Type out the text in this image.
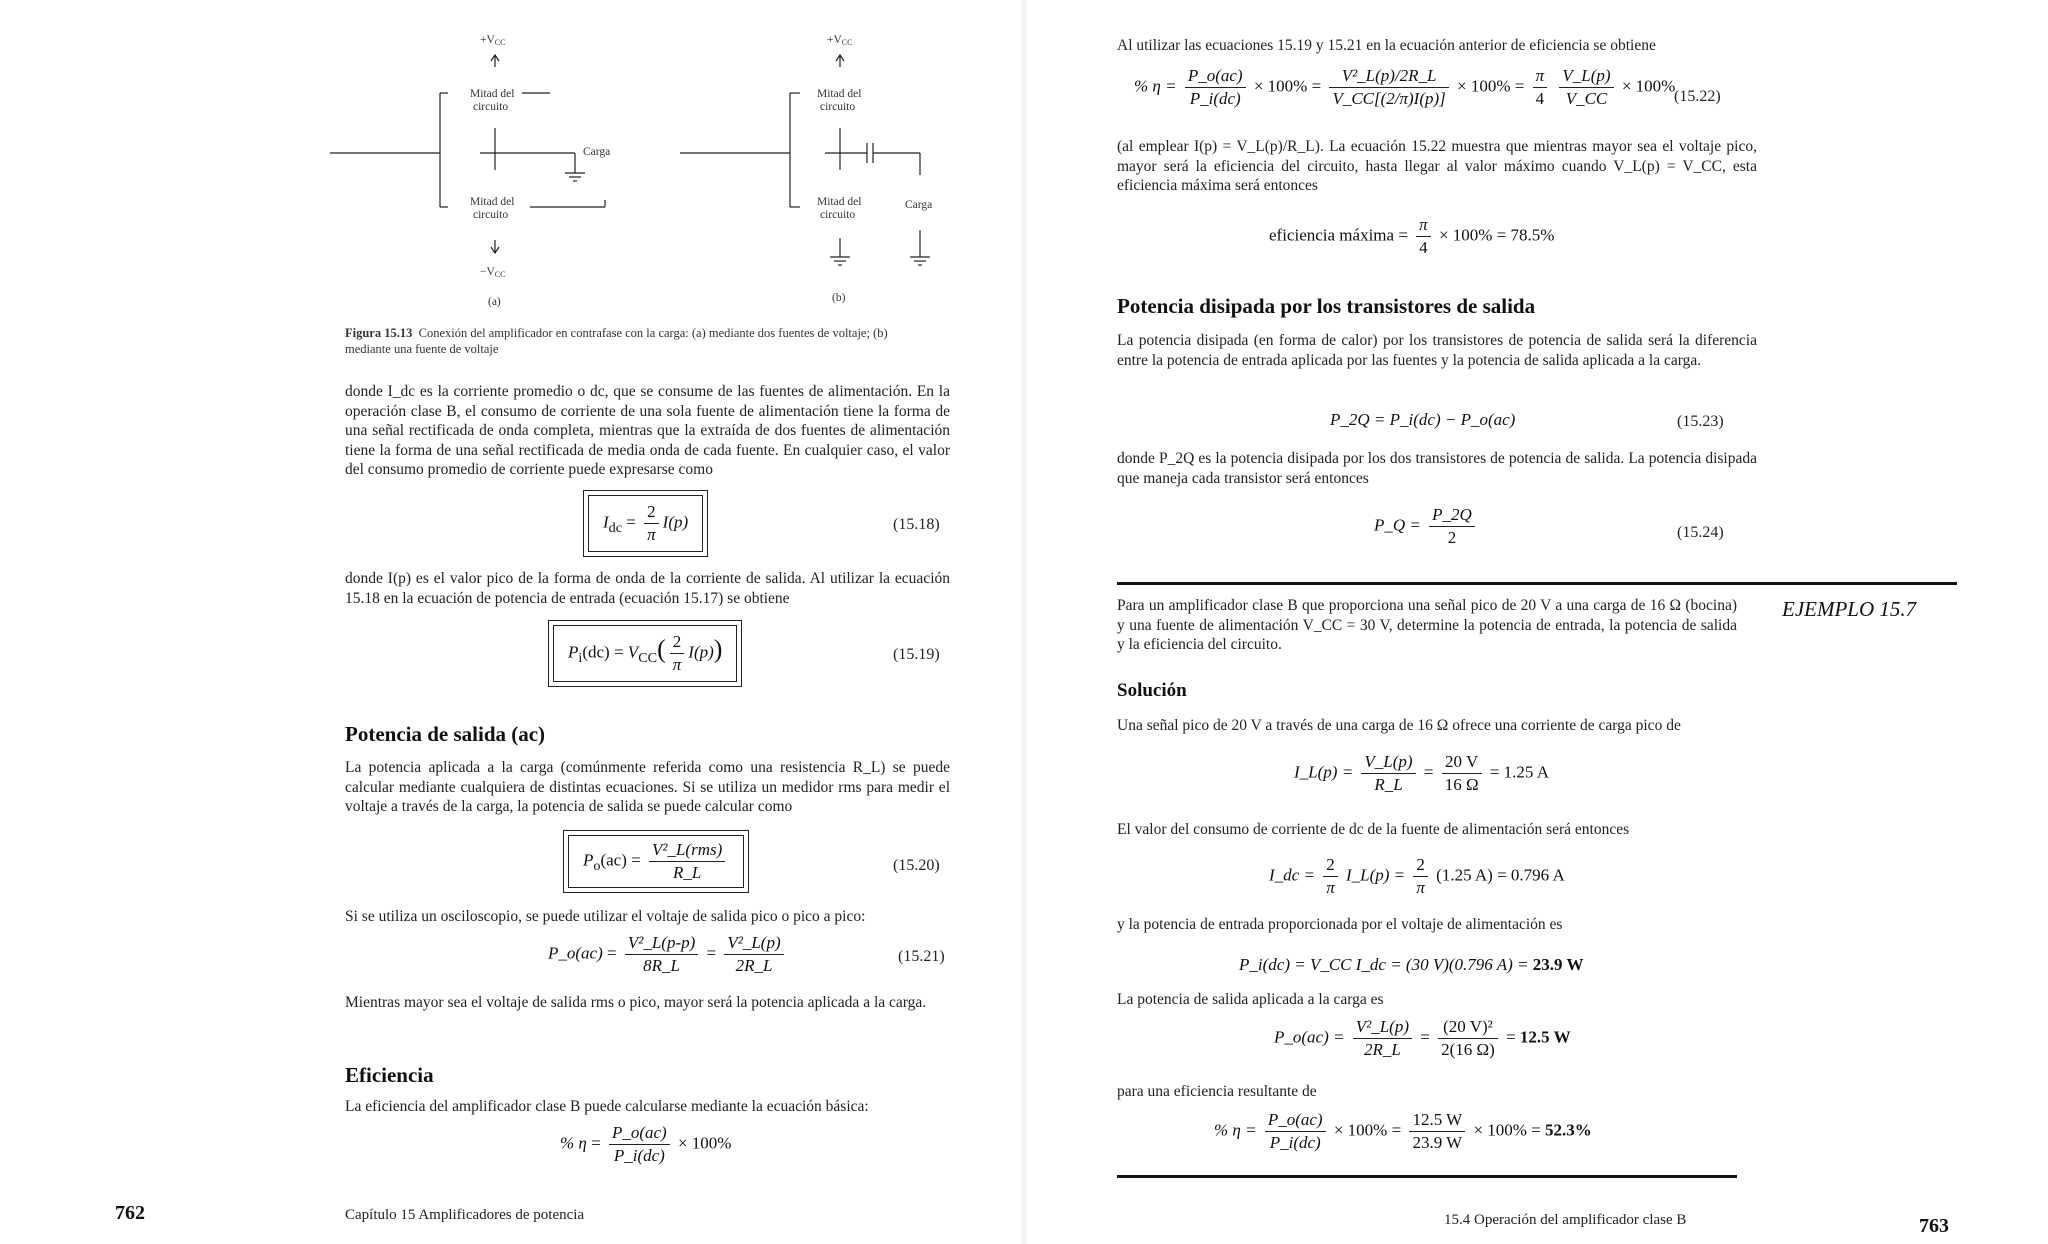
+VCC
Mitad del
circuito
Carga
Mitad del
circuito
−VCC
(a)
+VCC
Mitad del
circuito
Mitad del
circuito
Carga
(b)
Figura 15.13 Conexión del amplificador en contrafase con la carga: (a) mediante dos fuentes de voltaje; (b) mediante una fuente de voltaje
donde I_dc es la corriente promedio o dc, que se consume de las fuentes de alimentación. En la operación clase B, el consumo de corriente de una sola fuente de alimentación tiene la forma de una señal rectificada de onda completa, mientras que la extraída de dos fuentes de alimentación tiene la forma de una señal rectificada de media onda de cada fuente. En cualquier caso, el valor del consumo promedio de corriente puede expresarse como
$I_{dc} = \frac{2}{\pi} I(p)$	(15.18)
donde I(p) es el valor pico de la forma de onda de la corriente de salida. Al utilizar la ecuación 15.18 en la ecuación de potencia de entrada (ecuación 15.17) se obtiene
$P_i(dc) = V_{CC}( \frac{2}{\pi} I(p))$	(15.19)
Potencia de salida (ac)
La potencia aplicada a la carga (comúnmente referida como una resistencia R_L) se puede calcular mediante cualquiera de distintas ecuaciones. Si se utiliza un medidor rms para medir el voltaje a través de la carga, la potencia de salida se puede calcular como
$P_o(ac) = \frac{\text{V²\_L(rms)}}{R\_L}$	(15.20)
Si se utiliza un osciloscopio, se puede utilizar el voltaje de salida pico o pico a pico:
P_o(ac) = $\frac{\text{V²\_L(p-p)}}{8R\_L} = \frac{\text{V²\_L(p)}}{2R\_L}$	(15.21)
Mientras mayor sea el voltaje de salida rms o pico, mayor será la potencia aplicada a la carga.
Eficiencia
La eficiencia del amplificador clase B puede calcularse mediante la ecuación básica:
% $\eta = \frac{P\_o(ac)}{P\_i(dc)} \times 100\%$
762	Capítulo 15 Amplificadores de potencia
Al utilizar las ecuaciones 15.19 y 15.21 en la ecuación anterior de eficiencia se obtiene
% $\eta = \frac{P\_o(ac)}{P\_i(dc)} \times 100\% = \frac{\text{V²\_L(p)/2R\_L}}{V\_CC[(2/\pi)I(p)]} \times 100\% = \frac{\pi}{4}$
$\frac{V\_L(p)}{V\_CC} \times 100\%$
(15.22)
(al emplear I(p) = V_L(p)/R_L). La ecuación 15.22 muestra que mientras mayor sea el voltaje pico, mayor será la eficiencia del circuito, hasta llegar al valor máximo cuando V_L(p) = V_CC, esta eficiencia máxima será entonces
eficiencia máxima = $\frac{\pi}{4} \times 100\% = 78.5\%$
Potencia disipada por los transistores de salida
La potencia disipada (en forma de calor) por los transistores de potencia de salida será la diferencia entre la potencia de entrada aplicada por las fuentes y la potencia de salida aplicada a la carga.
P_2Q = P_i(dc) − P_o(ac)	(15.23)
donde P_2Q es la potencia disipada por los dos transistores de potencia de salida. La potencia disipada que maneja cada transistor será entonces
P_Q = $\frac{P\_2Q}{2}$	(15.24)
Para un amplificador clase B que proporciona una señal pico de 20 V a una carga de 16 Ω (bocina) y una fuente de alimentación V_CC = 30 V, determine la potencia de entrada, la potencia de salida y la eficiencia del circuito.
EJEMPLO 15.7
Solución
Una señal pico de 20 V a través de una carga de 16 Ω ofrece una corriente de carga pico de
I_L(p) = $\frac{V\_L(p)}{R\_L} = \frac{20 V}{16 \Omega} = 1.25$ A
El valor del consumo de corriente de dc de la fuente de alimentación será entonces
I_dc = $\frac{2}{\pi}$ I_L(p) = $\frac{2}{\pi} (1.25$ A) = 0.796 A
y la potencia de entrada proporcionada por el voltaje de alimentación es
P_i(dc) = V_CC I_dc = (30 V)(0.796 A) = 23.9 W
La potencia de salida aplicada a la carga es
P_o(ac) = $\frac{\text{V²\_L(p)}}{2R\_L} = \frac{\text{(20 V)²}}{2(16 \Omega)} = 12.5$ W
para una eficiencia resultante de
% $\eta = \frac{P\_o(ac)}{P\_i(dc)} \times 100\% = \frac{12.5 W}{23.9 W} \times 100\% = 52.3\%$
15.4 Operación del amplificador clase B	763
